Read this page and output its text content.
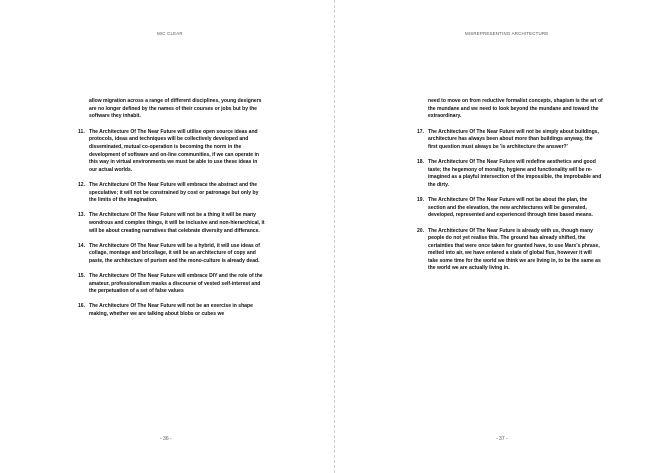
MIC CLEAR

allow migration across a range of different disciplines, young designers are no longer defined by the names of their courses or jobs but by the software they inhabit.

11. The Architecture Of The Near Future will utilise open source ideas and protocols, ideas and techniques will be collectively developed and disseminated, mutual co-operation is becoming the norm in the development of software and on-line communities, if we can operate in this way in virtual environments we must be able to use these ideas in our actual worlds.
12. The Architecture Of The Near Future will embrace the abstract and the speculative; it will not be constrained by cost or patronage but only by the limits of the imagination.
13. The Architecture Of The Near Future will not be a thing it will be many wondrous and complex things, it will be inclusive and non-hierarchical, it will be about creating narratives that celebrate diversity and differance.
14. The Architecture Of The Near Future will be a hybrid, it will use ideas of collage, montage and bricollage, it will be an architecture of copy and paste, the architecture of purism and the mono-culture is already dead.
15. The Architecture Of The Near Future will embrace DIY and the role of the amateur, professionalism masks a discourse of vested self-interest and the perpetuation of a set of false values
16. The Architecture Of The Near Future will not be an exercise in shape making, whether we are talking about blobs or cubes we
- 36 -
MISREPRESENTING ARCHITECTURE

need to move on from reductive formalist concepts, shapism is the art of the mundane and we need to look beyond the mundane and toward the extraordinary.

17. The Architecture Of The Near Future will not be simply about buildings, architecture has always been about more than buildings anyway, the first question must always be 'is architecture the answer?'
18. The Architecture Of The Near Future will redefine aesthetics and good taste; the hegemony of morality, hygiene and functionality will be re-imagined as a playful intersection of the impossible, the improbable and the dirty.
19. The Architecture Of The Near Future will not be about the plan, the section and the elevation, the new architectures will be generated, developed, represented and experienced through time based means.
20. The Architecture Of The Near Future is already with us, though many people do not yet realise this. The ground has already shifted, the certainties that were once taken for granted have, to use Marx's phrase, melted into air, we have entered a state of global flux, however it will take some time for the world we think we are living in, to be the same as the world we are actually living in.
- 37 -
